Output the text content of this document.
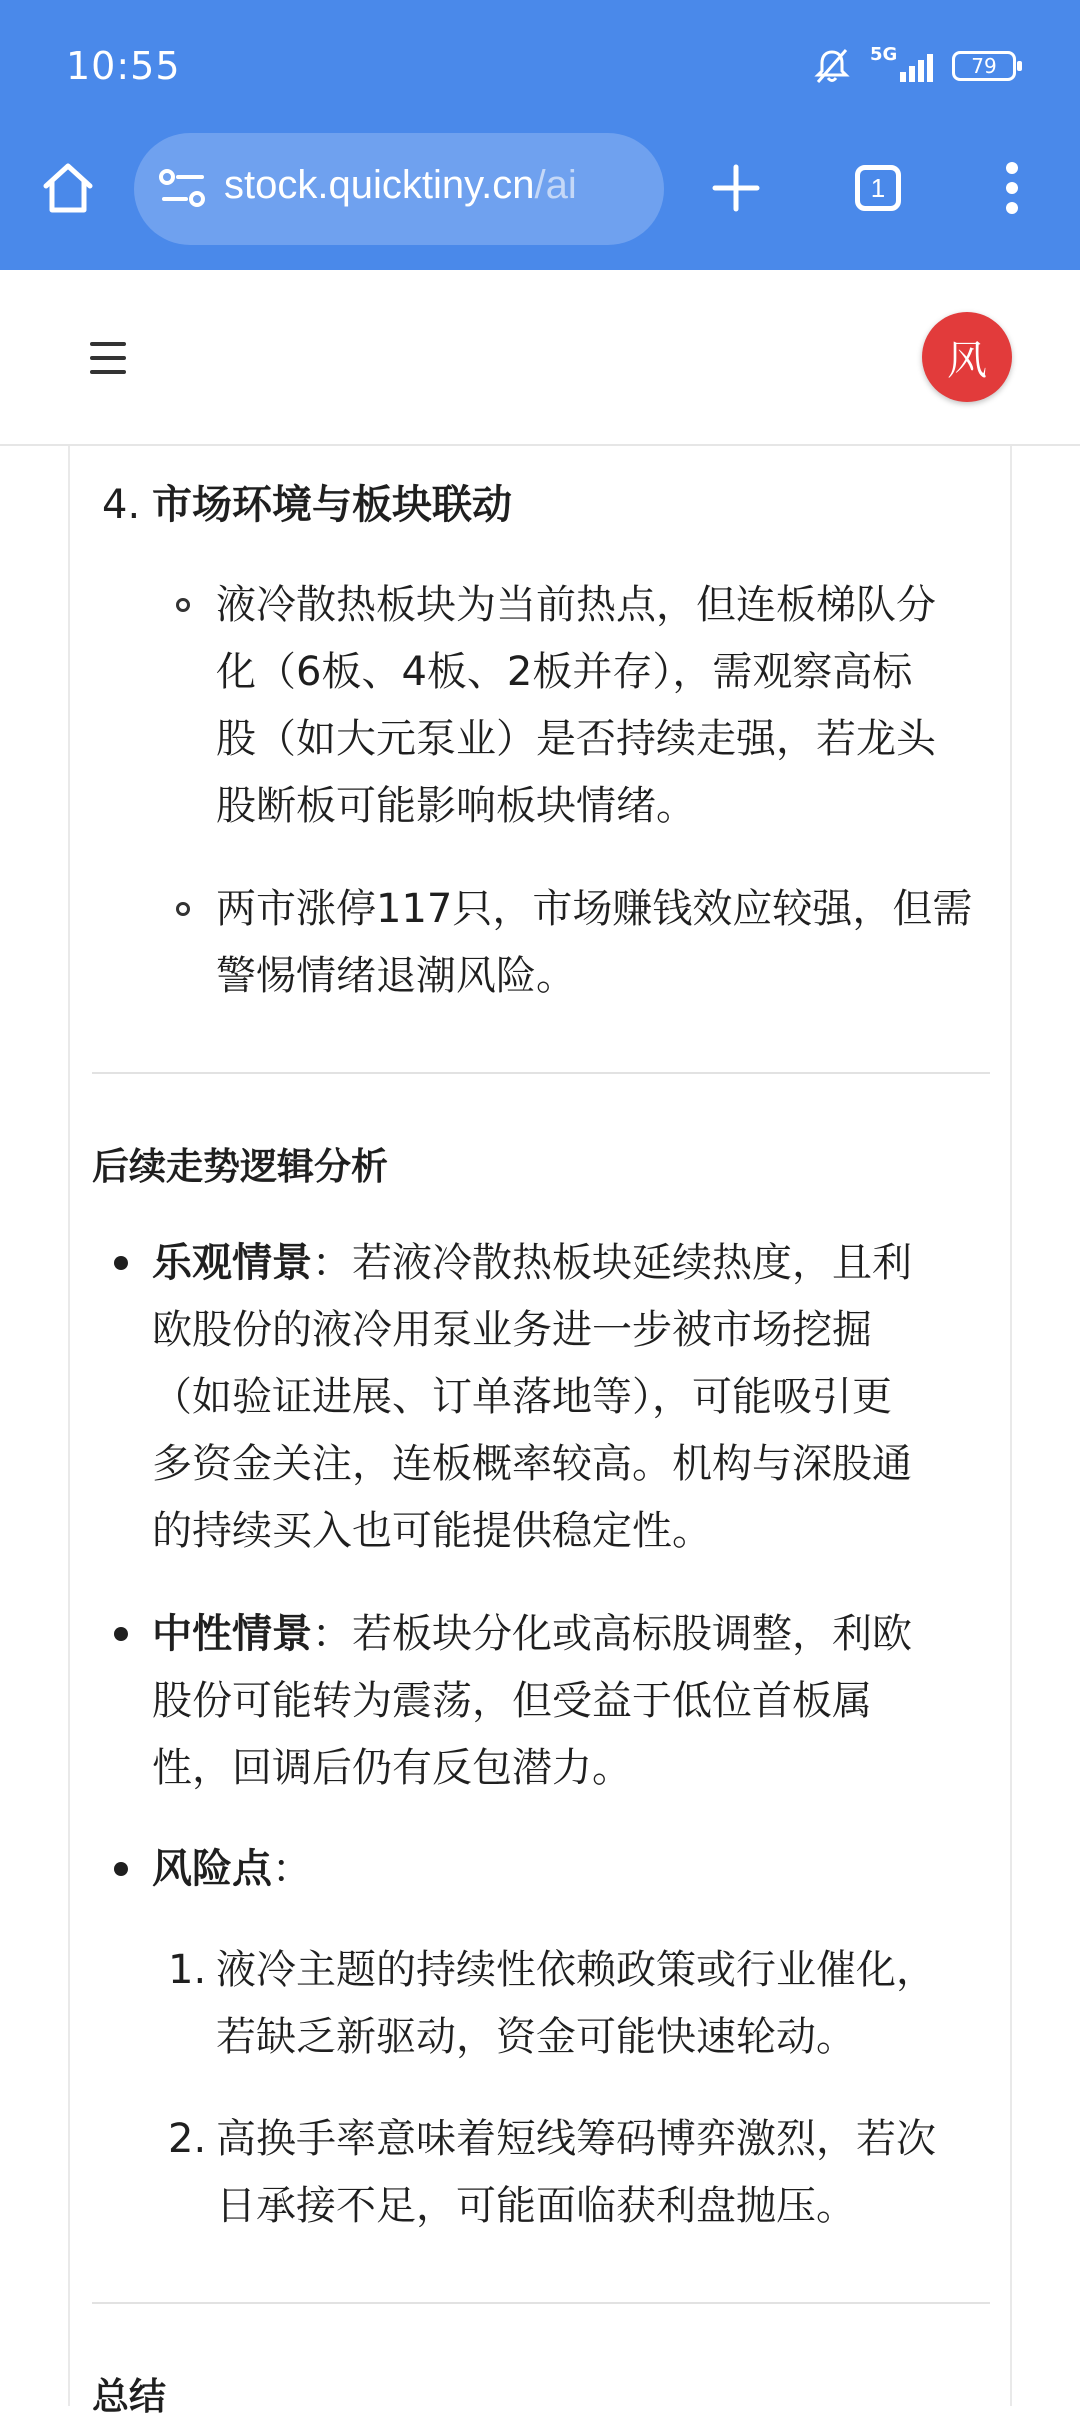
10:55	5G	79
stock.quicktiny.cn/ai	1
风
4. 市场环境与板块联动
液冷散热板块为当前热点，但连板梯队分
化（6板、4板、2板并存），需观察高标
股（如大元泵业）是否持续走强，若龙头
股断板可能影响板块情绪。
两市涨停117只，市场赚钱效应较强，但需
警惕情绪退潮风险。
后续走势逻辑分析
乐观情景：若液冷散热板块延续热度，且利
欧股份的液冷用泵业务进一步被市场挖掘
（如验证进展、订单落地等），可能吸引更
多资金关注，连板概率较高。机构与深股通
的持续买入也可能提供稳定性。
中性情景：若板块分化或高标股调整，利欧
股份可能转为震荡，但受益于低位首板属
性，回调后仍有反包潜力。
风险点：
1. 液冷主题的持续性依赖政策或行业催化，
若缺乏新驱动，资金可能快速轮动。
2. 高换手率意味着短线筹码博弈激烈，若次
日承接不足，可能面临获利盘抛压。
总结
